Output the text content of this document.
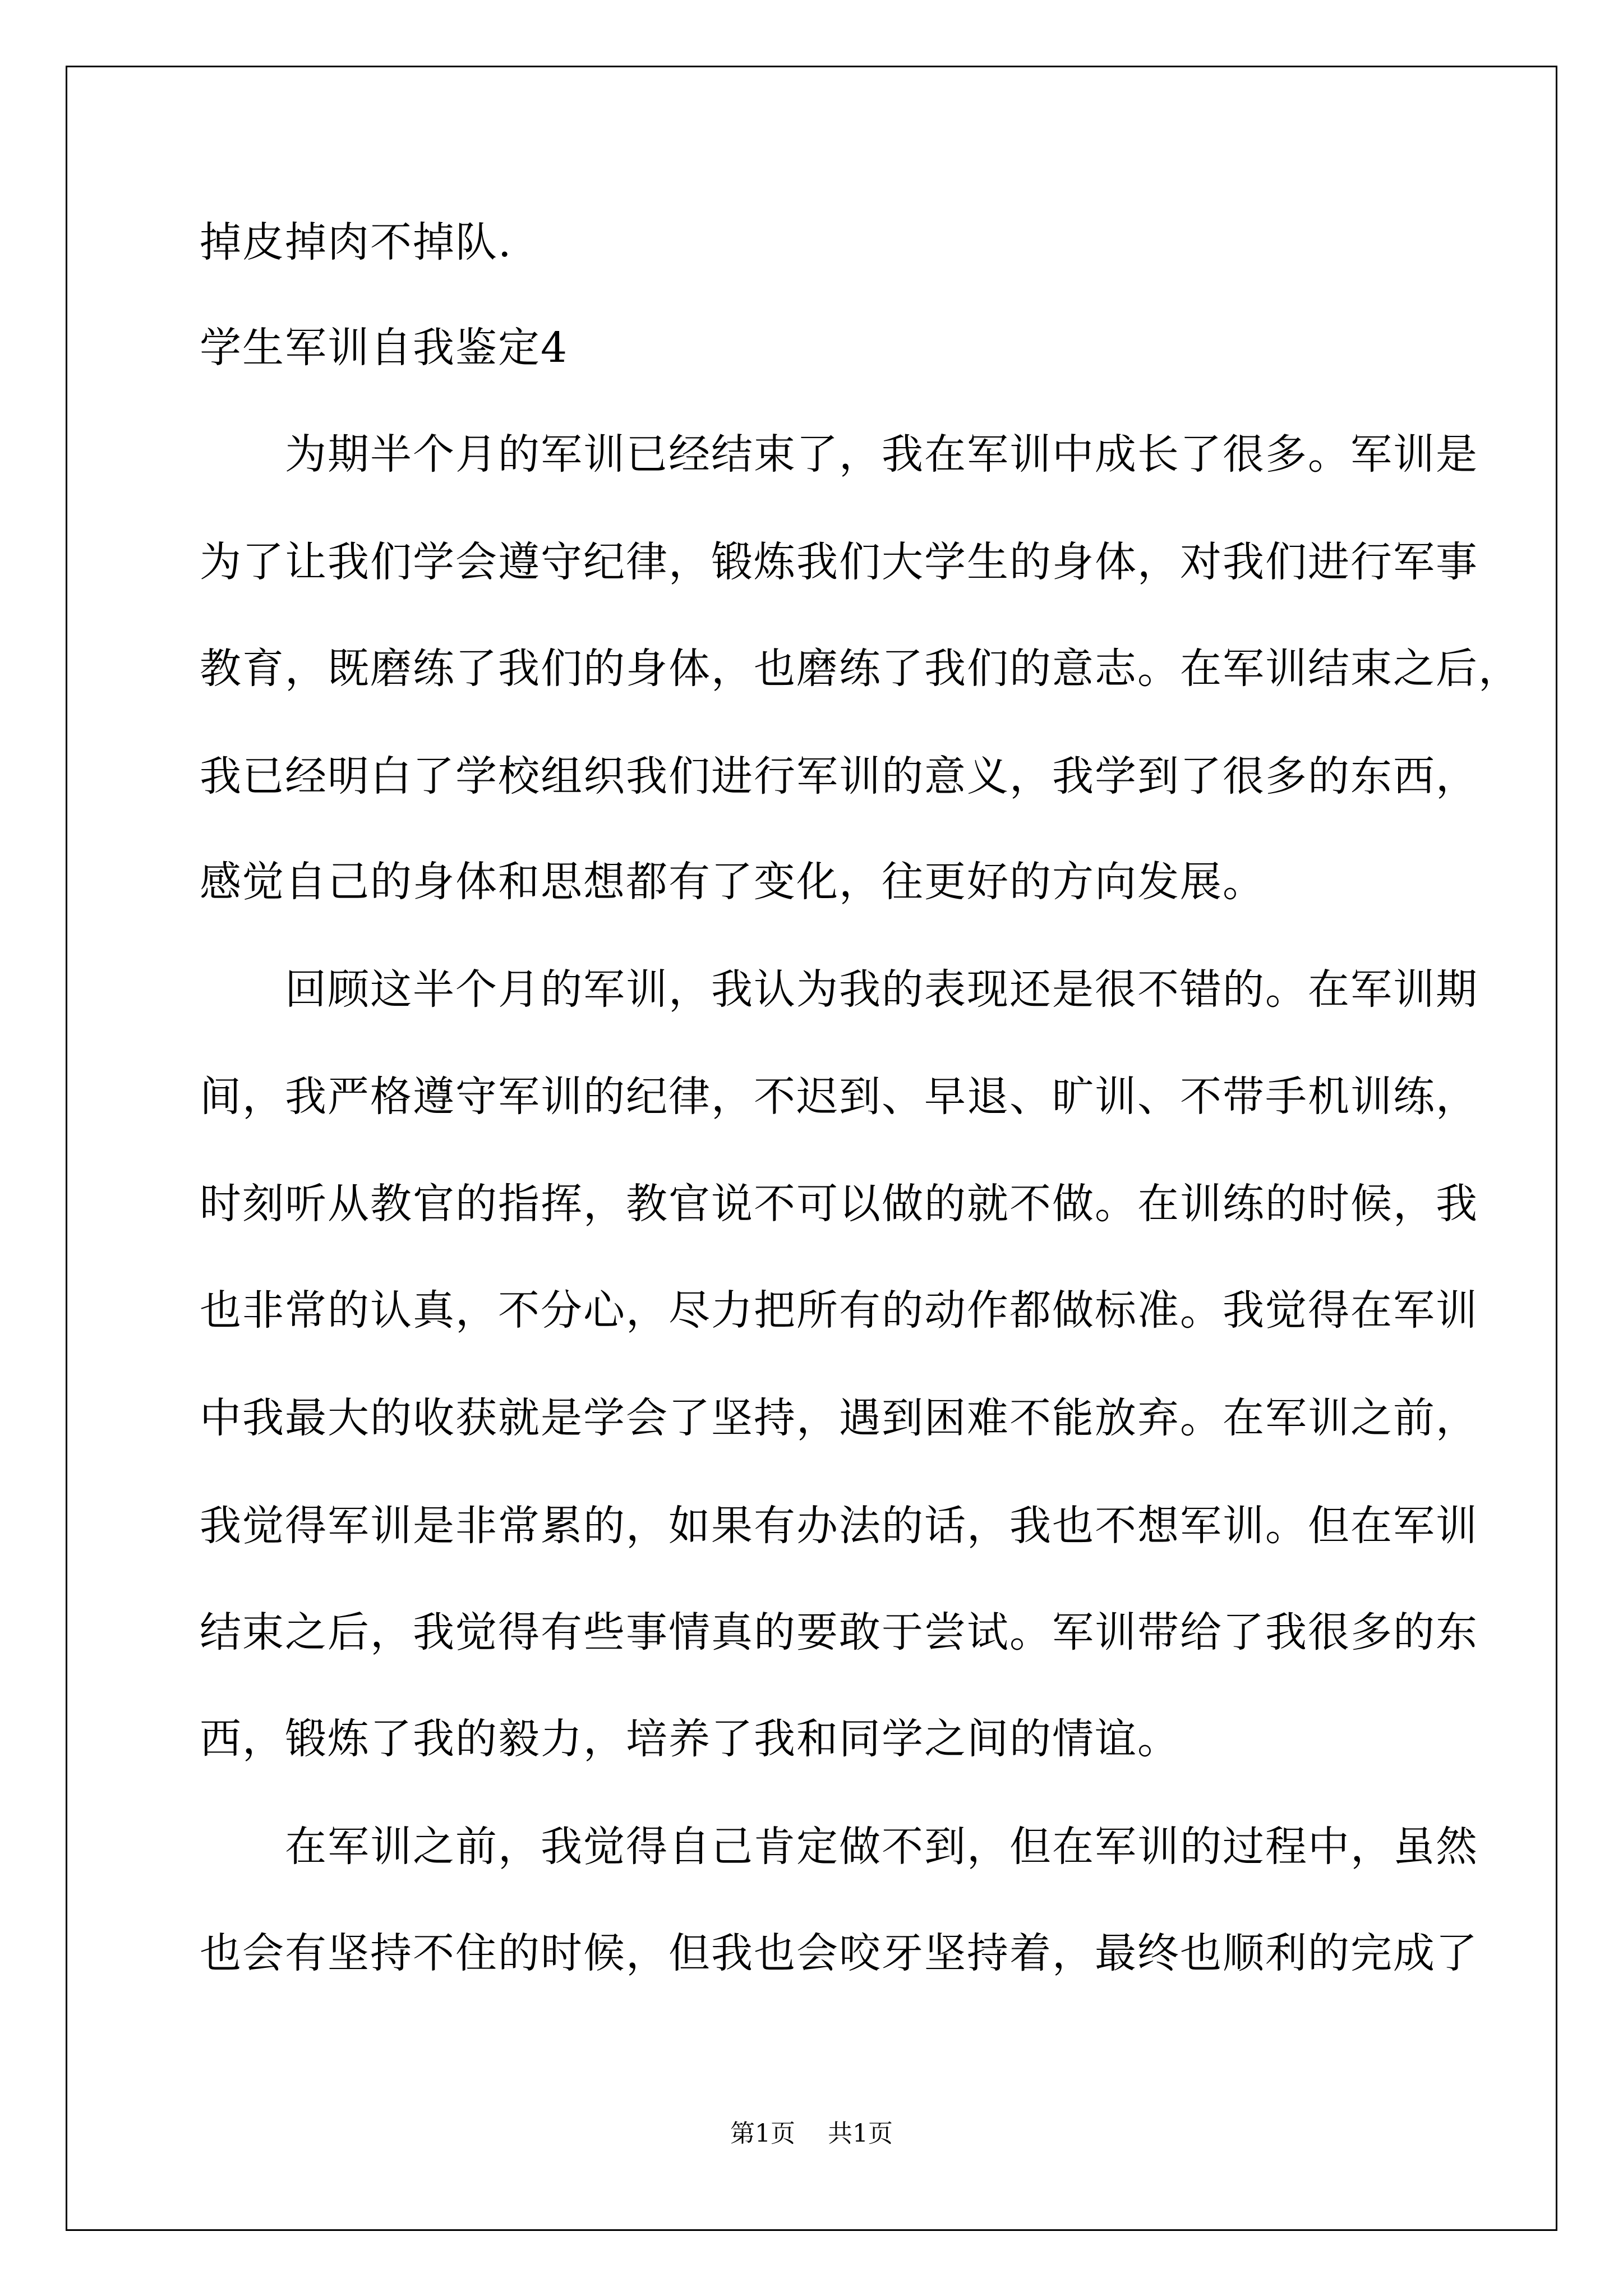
掉皮掉肉不掉队.
学生军训自我鉴定4
　　为期半个月的军训已经结束了，我在军训中成长了很多。军训是
为了让我们学会遵守纪律，锻炼我们大学生的身体，对我们进行军事
教育，既磨练了我们的身体，也磨练了我们的意志。在军训结束之后，
我已经明白了学校组织我们进行军训的意义，我学到了很多的东西，
感觉自己的身体和思想都有了变化，往更好的方向发展。
　　回顾这半个月的军训，我认为我的表现还是很不错的。在军训期
间，我严格遵守军训的纪律，不迟到、早退、旷训、不带手机训练，
时刻听从教官的指挥，教官说不可以做的就不做。在训练的时候，我
也非常的认真，不分心，尽力把所有的动作都做标准。我觉得在军训
中我最大的收获就是学会了坚持，遇到困难不能放弃。在军训之前，
我觉得军训是非常累的，如果有办法的话，我也不想军训。但在军训
结束之后，我觉得有些事情真的要敢于尝试。军训带给了我很多的东
西，锻炼了我的毅力，培养了我和同学之间的情谊。
　　在军训之前，我觉得自己肯定做不到，但在军训的过程中，虽然
也会有坚持不住的时候，但我也会咬牙坚持着，最终也顺利的完成了
第1页 共1页
